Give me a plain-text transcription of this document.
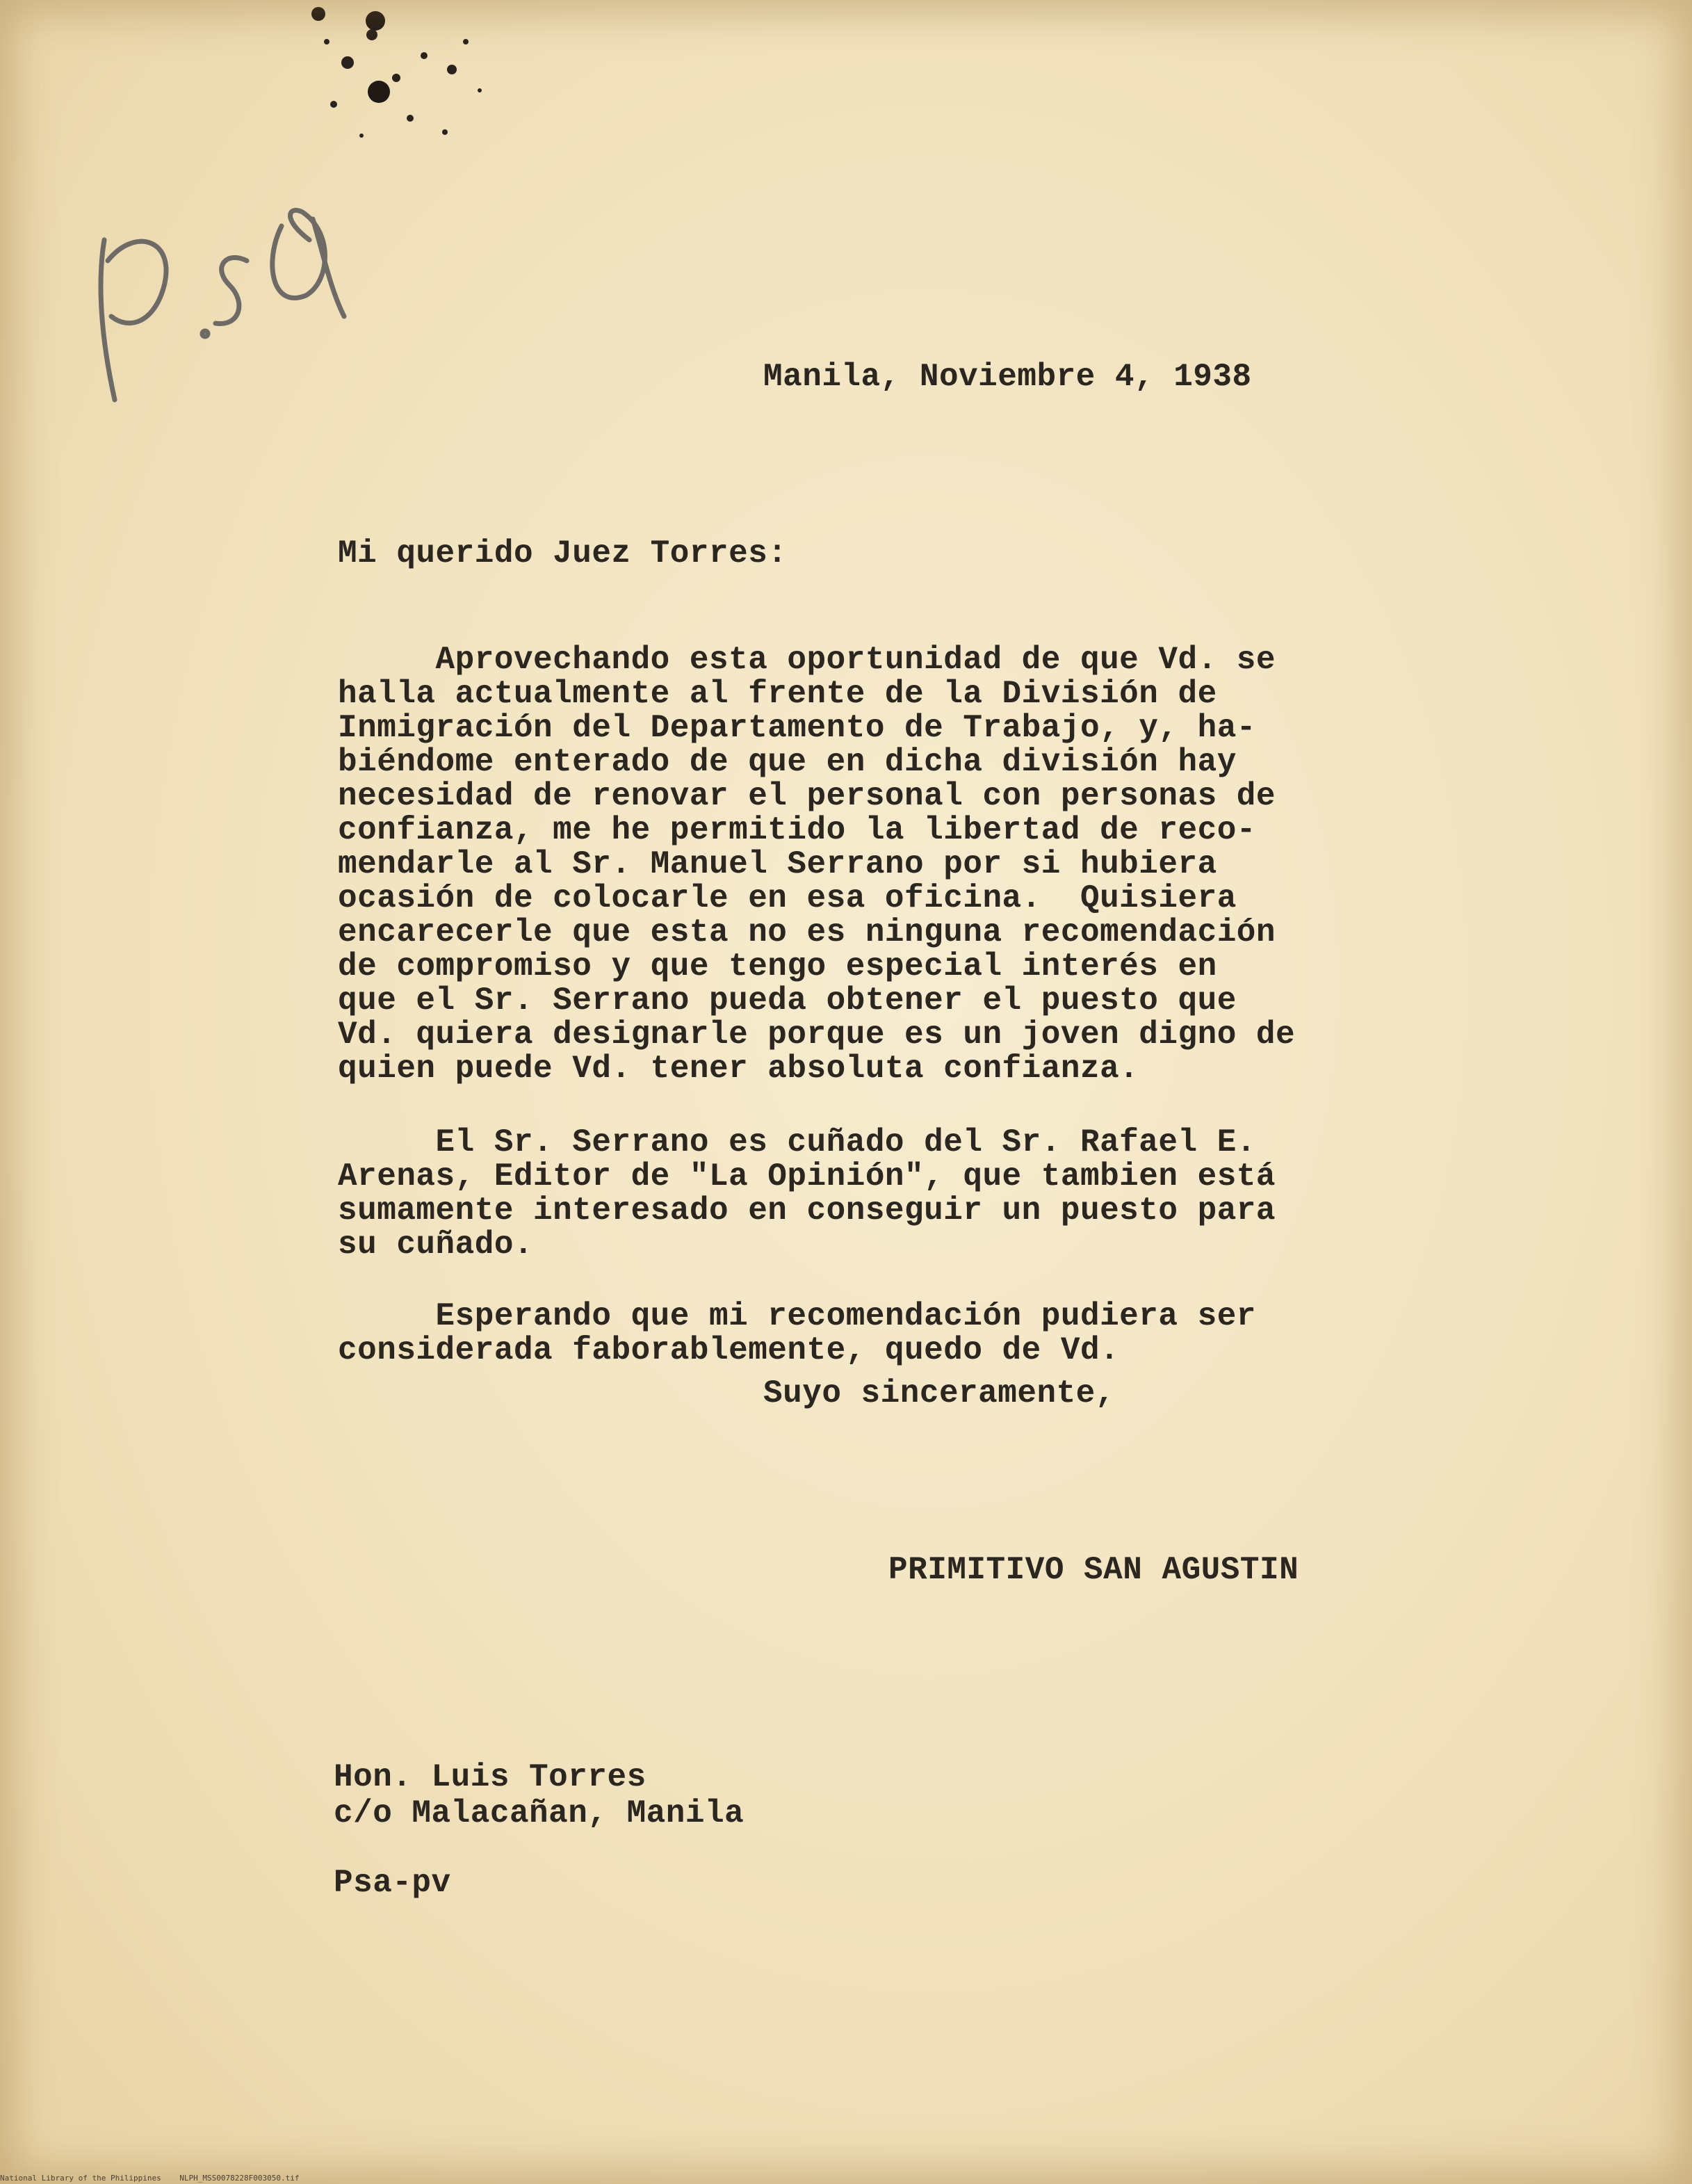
Manila, Noviembre 4, 1938
Mi querido Juez Torres:

Aprovechando esta oportunidad de que Vd. se
halla actualmente al frente de la División de
Inmigración del Departamento de Trabajo, y, ha-
biéndome enterado de que en dicha división hay
necesidad de renovar el personal con personas de
confianza, me he permitido la libertad de reco-
mendarle al Sr. Manuel Serrano por si hubiera
ocasión de colocarle en esa oficina.  Quisiera
encarecerle que esta no es ninguna recomendación
de compromiso y que tengo especial interés en
que el Sr. Serrano pueda obtener el puesto que
Vd. quiera designarle porque es un joven digno de
quien puede Vd. tener absoluta confianza.

El Sr. Serrano es cuñado del Sr. Rafael E.
Arenas, Editor de "La Opinión", que tambien está
sumamente interesado en conseguir un puesto para
su cuñado.

Esperando que mi recomendación pudiera ser
considerada faborablemente, quedo de Vd.
Suyo sinceramente,
PRIMITIVO SAN AGUSTIN
Hon. Luis Torres
c/o Malacañan, Manila
Psa-pv
National Library of the Philippines    NLPH_MSS0078228F003050.tif
